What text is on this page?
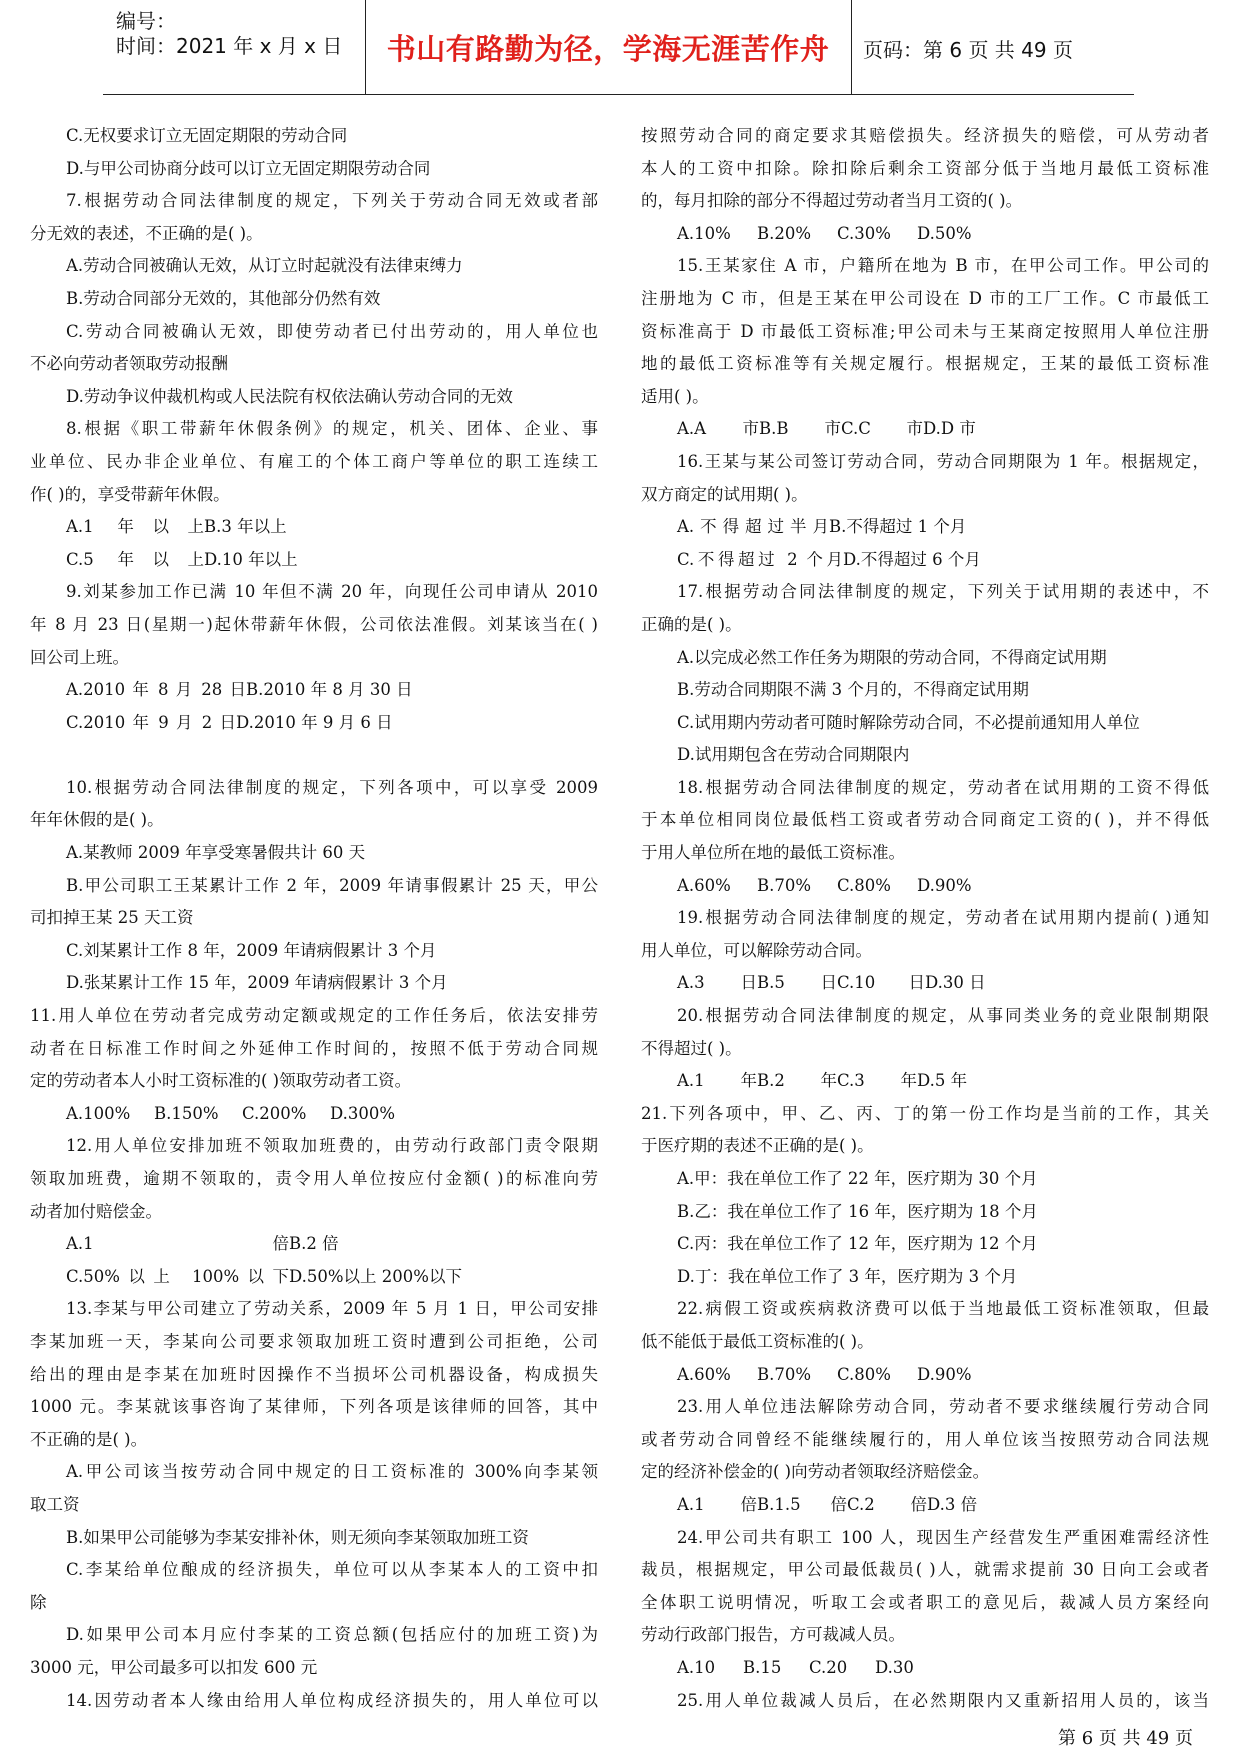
编号：
时间：2021 年 x 月 x 日 书山有路勤为径，学海无涯苦作舟 页码：第 6 页 共 49 页
C.无权要求订立无固定期限的劳动合同
D.与甲公司协商分歧可以订立无固定期限劳动合同
7.根据劳动合同法律制度的规定，下列关于劳动合同无效或者部
分无效的表述，不正确的是( )。
A.劳动合同被确认无效，从订立时起就没有法律束缚力
B.劳动合同部分无效的，其他部分仍然有效
C.劳动合同被确认无效，即使劳动者已付出劳动的，用人单位也
不必向劳动者领取劳动报酬
D.劳动争议仲裁机构或人民法院有权依法确认劳动合同的无效
8.根据《职工带薪年休假条例》的规定，机关、团体、企业、事
业单位、民办非企业单位、有雇工的个体工商户等单位的职工连续工
作( )的，享受带薪年休假。
A.1 年以上 B.3 年以上
C.5 年以上 D.10 年以上
9.刘某参加工作已满 10 年但不满 20 年，向现任公司申请从 2010
年 8 月 23 日(星期一)起休带薪年休假，公司依法准假。刘某该当在( )
回公司上班。
A.2010 年 8 月 28 日 B.2010 年 8 月 30 日
C.2010 年 9 月 2 日 D.2010 年 9 月 6 日
10.根据劳动合同法律制度的规定，下列各项中，可以享受 2009
年年休假的是( )。
A.某教师 2009 年享受寒暑假共计 60 天
B.甲公司职工王某累计工作 2 年，2009 年请事假累计 25 天，甲公
司扣掉王某 25 天工资
C.刘某累计工作 8 年，2009 年请病假累计 3 个月
D.张某累计工作 15 年，2009 年请病假累计 3 个月
11.用人单位在劳动者完成劳动定额或规定的工作任务后，依法安排劳
动者在日标准工作时间之外延伸工作时间的，按照不低于劳动合同规
定的劳动者本人小时工资标准的( )领取劳动者工资。
A.100%	B.150%	C.200%	D.300%
12.用人单位安排加班不领取加班费的，由劳动行政部门责令限期
领取加班费，逾期不领取的，责令用人单位按应付金额( )的标准向劳
动者加付赔偿金。
A.1 倍 B.2 倍
C.50%以上 100%以下 D.50%以上 200%以下
13.李某与甲公司建立了劳动关系，2009 年 5 月 1 日，甲公司安排
李某加班一天，李某向公司要求领取加班工资时遭到公司拒绝，公司
给出的理由是李某在加班时因操作不当损坏公司机器设备，构成损失
1000 元。李某就该事咨询了某律师，下列各项是该律师的回答，其中
不正确的是( )。
A.甲公司该当按劳动合同中规定的日工资标准的 300%向李某领
取工资
B.如果甲公司能够为李某安排补休，则无须向李某领取加班工资
C.李某给单位酿成的经济损失，单位可以从李某本人的工资中扣
除
D.如果甲公司本月应付李某的工资总额(包括应付的加班工资)为
3000 元，甲公司最多可以扣发 600 元
14.因劳动者本人缘由给用人单位构成经济损失的，用人单位可以
按照劳动合同的商定要求其赔偿损失。经济损失的赔偿，可从劳动者
本人的工资中扣除。除扣除后剩余工资部分低于当地月最低工资标准
的，每月扣除的部分不得超过劳动者当月工资的( )。
A.10%	B.20%	C.30%	D.50%
15.王某家住 A 市，户籍所在地为 B 市，在甲公司工作。甲公司的
注册地为 C 市，但是王某在甲公司设在 D 市的工厂工作。C 市最低工
资标准高于 D 市最低工资标准;甲公司未与王某商定按照用人单位注册
地的最低工资标准等有关规定履行。根据规定，王某的最低工资标准
适用( )。
A.A 市 B.B 市 C.C 市 D.D 市
16.王某与某公司签订劳动合同，劳动合同期限为 1 年。根据规定，
双方商定的试用期( )。
A.不得超过半月 B.不得超过 1 个月
C.不得超过 2 个月 D.不得超过 6 个月
17.根据劳动合同法律制度的规定，下列关于试用期的表述中，不
正确的是( )。
A.以完成必然工作任务为期限的劳动合同，不得商定试用期
B.劳动合同期限不满 3 个月的，不得商定试用期
C.试用期内劳动者可随时解除劳动合同，不必提前通知用人单位
D.试用期包含在劳动合同期限内
18.根据劳动合同法律制度的规定，劳动者在试用期的工资不得低
于本单位相同岗位最低档工资或者劳动合同商定工资的( )，并不得低
于用人单位所在地的最低工资标准。
A.60%	B.70%	C.80%	D.90%
19.根据劳动合同法律制度的规定，劳动者在试用期内提前( )通知
用人单位，可以解除劳动合同。
A.3 日 B.5 日 C.10 日 D.30 日
20.根据劳动合同法律制度的规定，从事同类业务的竞业限制期限
不得超过( )。
A.1 年 B.2 年 C.3 年 D.5 年
21.下列各项中，甲、乙、丙、丁的第一份工作均是当前的工作，其关
于医疗期的表述不正确的是( )。
A.甲：我在单位工作了 22 年，医疗期为 30 个月
B.乙：我在单位工作了 16 年，医疗期为 18 个月
C.丙：我在单位工作了 12 年，医疗期为 12 个月
D.丁：我在单位工作了 3 年，医疗期为 3 个月
22.病假工资或疾病救济费可以低于当地最低工资标准领取，但最
低不能低于最低工资标准的( )。
A.60%	B.70%	C.80%	D.90%
23.用人单位违法解除劳动合同，劳动者不要求继续履行劳动合同
或者劳动合同曾经不能继续履行的，用人单位该当按照劳动合同法规
定的经济补偿金的( )向劳动者领取经济赔偿金。
A.1 倍 B.1.5 倍 C.2 倍 D.3 倍
24.甲公司共有职工 100 人，现因生产经营发生严重困难需经济性
裁员，根据规定，甲公司最低裁员( )人，就需求提前 30 日向工会或者
全体职工说明情况，听取工会或者职工的意见后，裁减人员方案经向
劳动行政部门报告，方可裁减人员。
A.10	B.15	C.20	D.30
25.用人单位裁减人员后，在必然期限内又重新招用人员的，该当
第 6 页 共 49 页
